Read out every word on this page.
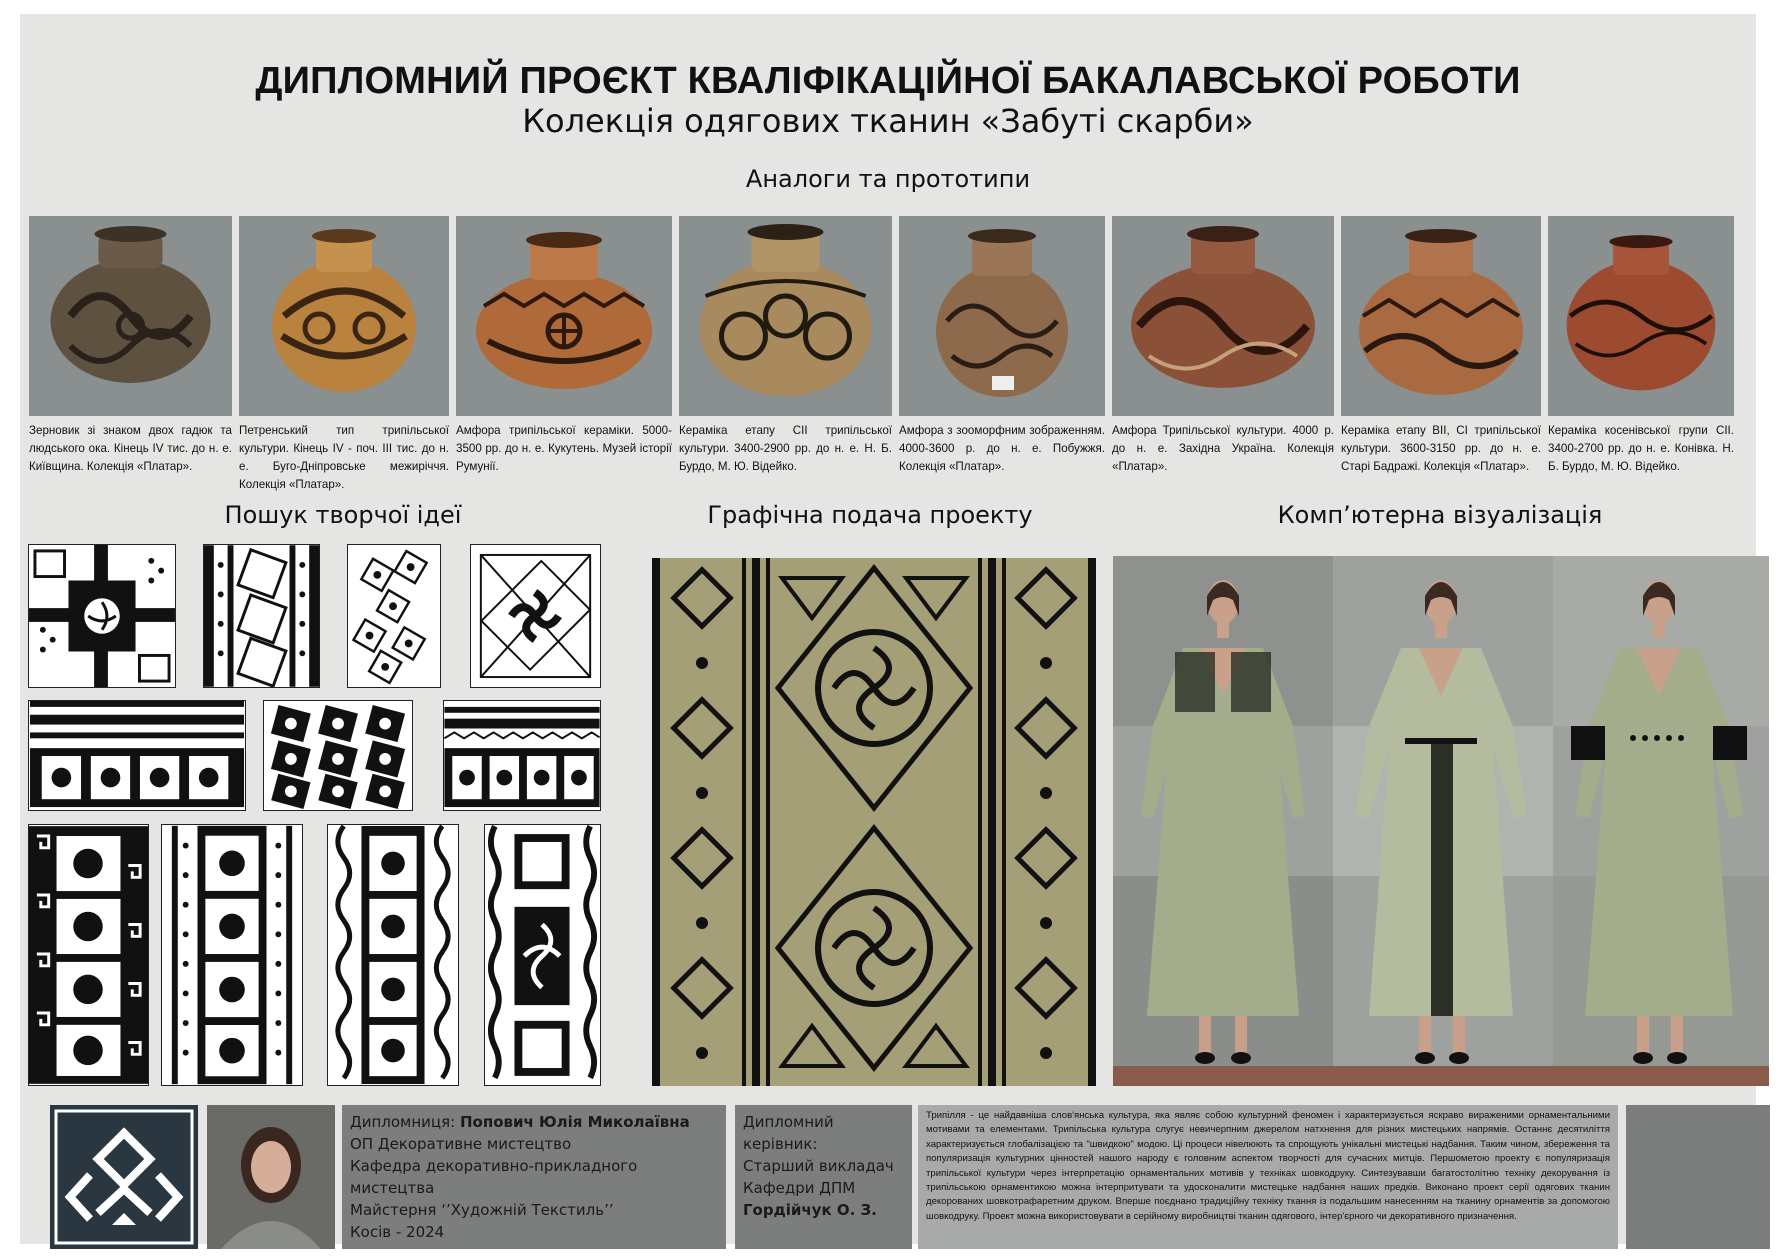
ДИПЛОМНИЙ ПРОЄКТ КВАЛІФІКАЦІЙНОЇ БАКАЛАВСЬКОЇ РОБОТИ
Колекція одягових тканин «Забуті скарби»
Аналоги та прототипи
Зерновик зі знаком двох гадюк та людського ока. Кінець IV тис. до н. е. Київщина. Колекція «Платар».
Петренський тип трипільської культури. Кінець IV - поч. III тис. до н. е. Буго-Дніпровське межиріччя. Колекція «Платар».
Амфора трипільської кераміки. 5000-3500 рр. до н. е. Кукутень. Музей історії Румунії.
Кераміка етапу CII трипільської культури. 3400-2900 рр. до н. е. Н. Б. Бурдо, М. Ю. Відейко.
Амфора з зооморфним зображенням. 4000-3600 р. до н. е. Побужжя. Колекція «Платар».
Амфора Трипільської культури. 4000 р. до н. е. Західна Україна. Колекція «Платар».
Кераміка етапу BII, CI трипільської культури. 3600-3150 рр. до н. е. Старі Бадражі. Колекція «Платар».
Кераміка косенівської групи CII. 3400-2700 рр. до н. е. Конівка. Н. Б. Бурдо, М. Ю. Відейко.
Пошук творчої ідеї	Графічна подача проекту	Комп’ютерна візуалізація
Дипломниця: Попович Юлія Миколаївна
ОП Декоративне мистецтво
Кафедра декоративно-прикладного мистецтва
Майстерня ‘’Художній Текстиль’’
Косів - 2024
Дипломний керівник:
Старший викладач
Кафедри ДПМ
Гордійчук О. З.
Трипілля - це найдавніша слов'янська культура, яка являє собою культурний феномен і характеризується яскраво вираженими орнаментальними мотивами та елементами. Трипільська культура слугує невичерпним джерелом натхнення для різних мистецьких напрямів. Останнє десятиліття характеризується глобалізацією та "швидкою" модою. Ці процеси нівелюють та спрощують унікальні мистецькі надбання. Таким чином, збереження та популяризація культурних цінностей нашого народу є головним аспектом творчості для сучасних митців. Першометою проекту є популяризація трипільської культури через інтерпретацію орнаментальних мотивів у техніках шовкодруку. Синтезувавши багатостолітню техніку декорування із трипільською орнаментикою можна інтерпритувати та удосконалити мистецьке надбання наших предків. Виконано проект серії одягових тканин декорованих шовкотрафаретним друком. Вперше поєднано традиційну техніку ткання із подальшим нанесенням на тканину орнаментів за допомогою шовкодруку. Проект можна використовувати в серійному виробництві тканин одягового, інтер'єрного чи декоративного призначення.
